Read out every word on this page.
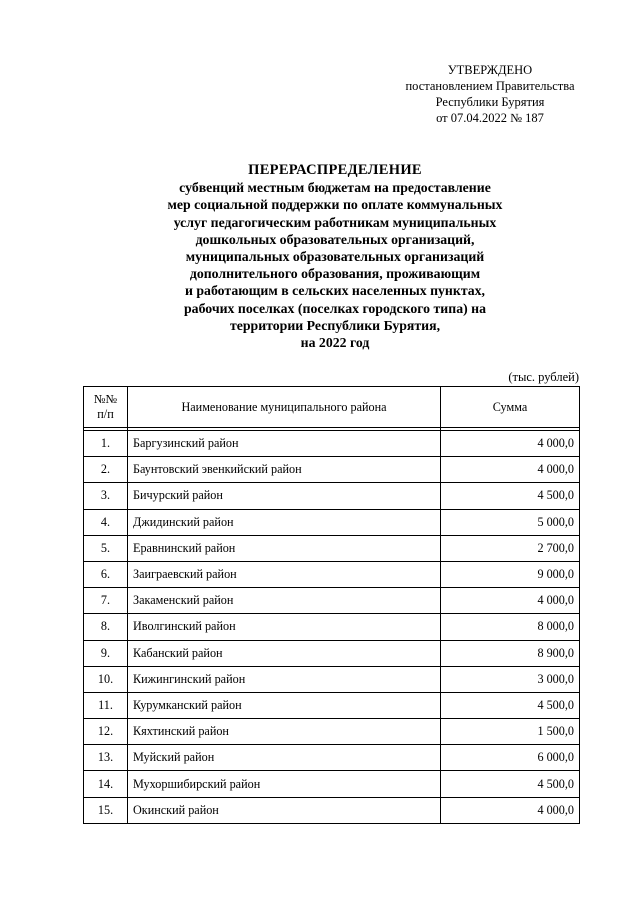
УТВЕРЖДЕНО
постановлением Правительства
Республики Бурятия
от 07.04.2022 № 187
ПЕРЕРАСПРЕДЕЛЕНИЕ
субвенций местным бюджетам на предоставление
мер социальной поддержки по оплате коммунальных
услуг педагогическим работникам муниципальных
дошкольных образовательных организаций,
муниципальных образовательных организаций
дополнительного образования, проживающим
и работающим в сельских населенных пунктах,
рабочих поселках (поселках городского типа) на
территории Республики Бурятия,
на 2022 год
(тыс. рублей)
№№
п/п	Наименование муниципального района	Сумма

1.	Баргузинский район	4 000,0
2.	Баунтовский эвенкийский район	4 000,0
3.	Бичурский район	4 500,0
4.	Джидинский район	5 000,0
5.	Еравнинский район	2 700,0
6.	Заиграевский район	9 000,0
7.	Закаменский район	4 000,0
8.	Иволгинский район	8 000,0
9.	Кабанский район	8 900,0
10.	Кижингинский район	3 000,0
11.	Курумканский район	4 500,0
12.	Кяхтинский район	1 500,0
13.	Муйский район	6 000,0
14.	Мухоршибирский район	4 500,0
15.	Окинский район	4 000,0
